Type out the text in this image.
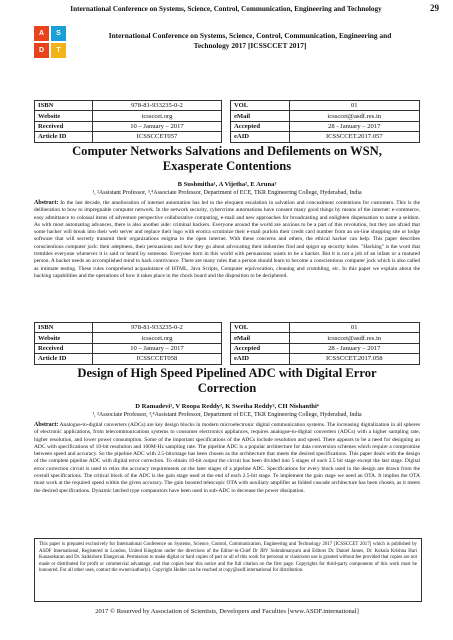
International Conference on Systems, Science, Control, Communication, Engineering and Technology	29
A	S
D	T
International Conference on Systems, Science, Control, Communication, Engineering and
Technology 2017 [ICSSCCET 2017]
ISBN	978-81-933235-0-2
Website	icssccet.org
Received	10 – January – 2017
Article ID	ICSSCCET057
VOL	01
eMail	icssccet@asdf.res.in
Accepted	28 - January – 2017
eAID	ICSSCCET.2017.057
Computer Networks Salvations and Defilements on WSN,
Exasperate Contentions
B Sushmitha¹, A Vijetha², E Aruna³
¹, ²Assistant Professor, ³,⁴Associate Professor, Department of ECE, TKR Engineering College, Hyderabad, India
Abstract: In the last decade, the amelioration of internet automation has led to the eloquent escalation in salvation and concealment contentions for customers. This is the deliberation to how to impregnable computer network. In the network security, cybercrime automations have consent many good things by means of the internet: e-commerce, easy admittance to colossal items of adventure perspective collaborative computing, e-mail and new approaches for broadcasting and enlighten dispensation to name a seldom. As with most automating advances, there is also another side: criminal hackers. Everyone around the world are anxious to be a part of this revolution, but they are afraid that some hacker will break into their web server and replace their logo with erotica scrutinize their e-mail purloin their credit card number from an on-line shopping site or lodge software that will secretly transmit their organizations enigma to the open internet. With these concerns and others, the ethical hacker can help. This paper describes conscientious computer jock: their adeptness, their persuasions and how they go about advocating their industries find and spigot up security holes. "Hacking" is the word that trembles everyone whenever it is said or heard by someone. Everyone born in this world with persuasions wants to be a hacker. But it is not a job of an infant or a matured person. A hacker needs an accomplished mind to hack contrivance. There are many rules that a person should learn to become a conscientious computer jock which is also called as intimate testing. These rules comprehend acquaintance of HTML, Java Scripts, Computer equivocation, cleaning and crumbling, etc. In this paper we explain about the hacking capabilities and the operations of how it takes place in the chock board and the disposition to be deciphered.
ISBN	978-81-933235-0-2
Website	icssccet.org
Received	10 – January – 2017
Article ID	ICSSCCET058
VOL	01
eMail	icssccet@asdf.res.in
Accepted	28 - January – 2017
eAID	ICSSCCET.2017.058
Design of High Speed Pipelined ADC with Digital Error
Correction
D Ramadevi¹, V Roopa Reddy², K Swetha Reddy³, CH Nishanthi⁴
¹, ²Associate Professor, ³,⁴Assistant Professor, Department of ECE, TKR Engineering College, Hyderabad, India
Abstract: Analogue-to-digital converters (ADCs) are key design blocks in modern microelectronic digital communication systems. The increasing digitalization in all spheres of electronic applications, from telecommunications systems to consumer electronics appliances, requires analogue-to-digital converters (ADCs) with a higher sampling rate, higher resolution, and lower power consumption. Some of the important specifications of the ADCs include resolution and speed. There appears to be a need for designing an ADC with specifications of 10-bit resolution and 100M-Hz sampling rate. The pipeline ADC is a popular architecture for data conversion schemes which require a compromise between speed and accuracy. So the pipeline ADC with 2.5-bits/stage has been chosen as the architecture that meets the desired specifications. This paper deals with the design of the complete pipeline ADC with digital error correction. To obtain 10-bit output the circuit has been divided into 5 stages of each 2.5 bit stage except the last stage. Digital error correction circuit is used to relax the accuracy requirements on the later stages of a pipeline ADC. Specifications for every block used in the design are drawn from the overall specifications. The critical block of the ADC is the gain stage used at the end of each 2.5-bit stage. To implement the gain stage we need an OTA. It implies the OTA must work at the required speed within the given accuracy. The gain boosted telescopic OTA with auxiliary amplifier as folded cascade architecture has been chosen, as it meets the desired specifications. Dynamic latched type comparators have been used in sub-ADC to decrease the power dissipation.
This paper is prepared exclusively for International Conference on Systems, Science, Control, Communication, Engineering and Technology 2017 [ICSSCCET 2017] which is published by ASDF International, Registered in London, United Kingdom under the directions of the Editor-in-Chief Dr JBV Subrahmanyam and Editors Dr. Daniel James, Dr. Kokula Krishna Hari Kunasekaran and Dr. Saikishore Elangovan. Permission to make digital or hard copies of part or all of this work for personal or classroom use is granted without fee provided that copies are not made or distributed for profit or commercial advantage, and that copies bear this notice and the full citation on the first page. Copyrights for third-party components of this work must be honoured. For all other uses, contact the owner/author(s). Copyright Holder can be reached at copy@asdf.international for distribution.
2017 © Reserved by Association of Scientists, Developers and Faculties [www.ASDF.international]
